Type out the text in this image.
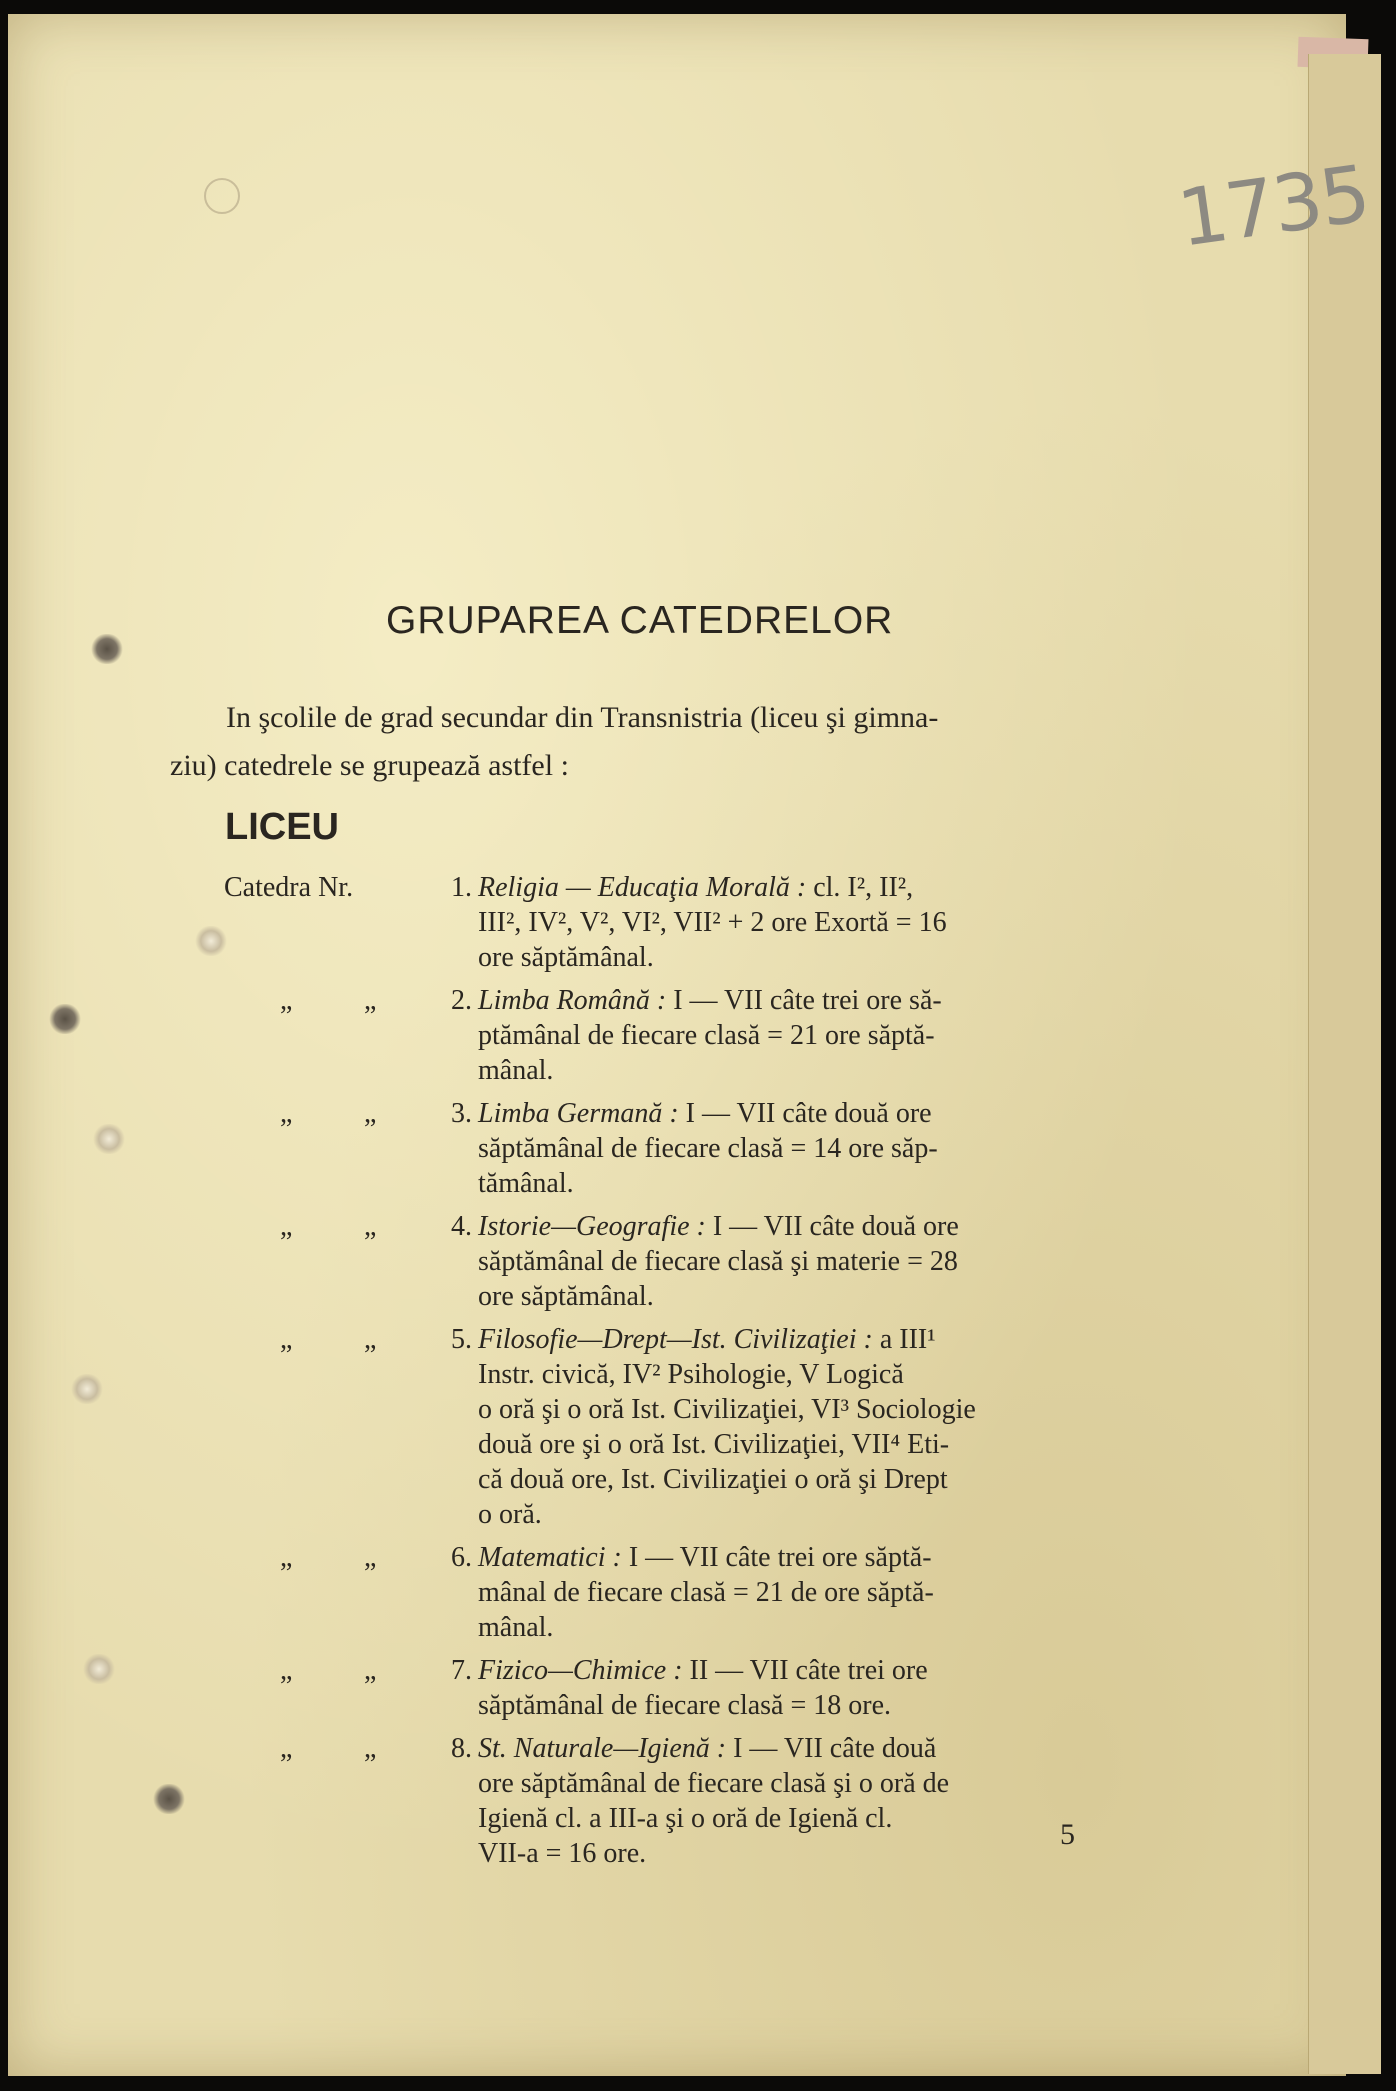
1735
GRUPAREA CATEDRELOR
In şcolile de grad secundar din Transnistria (liceu şi gimna-
ziu) catedrele se grupează astfel :
LICEU
Catedra Nr.	1. Religia — Educaţia Morală : cl. I², II²,
III², IV², V², VI², VII² + 2 ore Exortă = 16
ore săptămânal.
„	„	2. Limba Română : I — VII câte trei ore să-
ptămânal de fiecare clasă = 21 ore săptă-
mânal.
„	„	3. Limba Germană : I — VII câte două ore
săptămânal de fiecare clasă = 14 ore săp-
tămânal.
„	„	4. Istorie—Geografie : I — VII câte două ore
săptămânal de fiecare clasă şi materie = 28
ore săptămânal.
„	„	5. Filosofie—Drept—Ist. Civilizaţiei : a III¹
Instr. civică, IV² Psihologie, V Logică
o oră şi o oră Ist. Civilizaţiei, VI³ Sociologie
două ore şi o oră Ist. Civilizaţiei, VII⁴ Eti-
că două ore, Ist. Civilizaţiei o oră şi Drept
o oră.
„	„	6. Matematici : I — VII câte trei ore săptă-
mânal de fiecare clasă = 21 de ore săptă-
mânal.
„	„	7. Fizico—Chimice : II — VII câte trei ore
săptămânal de fiecare clasă = 18 ore.
„	„	8. St. Naturale—Igienă : I — VII câte două
ore săptămânal de fiecare clasă şi o oră de
Igienă cl. a III-a şi o oră de Igienă cl.
VII-a = 16 ore.
5
